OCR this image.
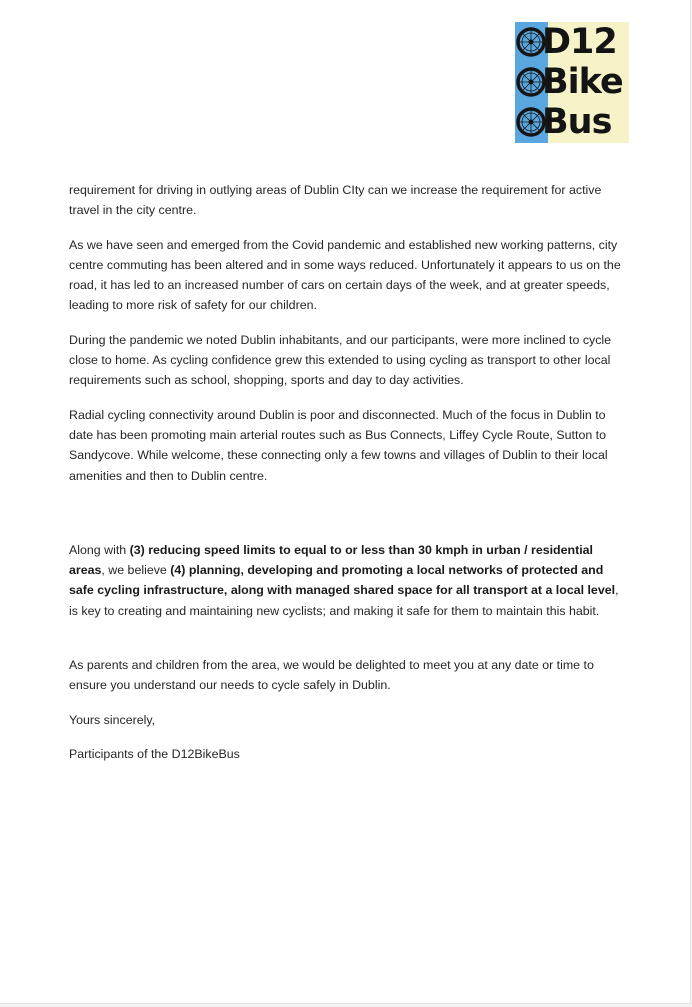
D12
Bike
Bus

requirement for driving in outlying areas of Dublin CIty can we increase the requirement for active travel in the city centre.

As we have seen and emerged from the Covid pandemic and established new working patterns, city centre commuting has been altered and in some ways reduced. Unfortunately it appears to us on the road, it has led to an increased number of cars on certain days of the week, and at greater speeds, leading to more risk of safety for our children.

During the pandemic we noted Dublin inhabitants, and our participants, were more inclined to cycle close to home. As cycling confidence grew this extended to using cycling as transport to other local requirements such as school, shopping, sports and day to day activities.

Radial cycling connectivity around Dublin is poor and disconnected. Much of the focus in Dublin to date has been promoting main arterial routes such as Bus Connects, Liffey Cycle Route, Sutton to Sandycove. While welcome, these connecting only a few towns and villages of Dublin to their local amenities and then to Dublin centre.

Along with (3) reducing speed limits to equal to or less than 30 kmph in urban / residential areas, we believe (4) planning, developing and promoting a local networks of protected and safe cycling infrastructure, along with managed shared space for all transport at a local level, is key to creating and maintaining new cyclists; and making it safe for them to maintain this habit.

As parents and children from the area, we would be delighted to meet you at any date or time to ensure you understand our needs to cycle safely in Dublin.

Yours sincerely,

Participants of the D12BikeBus
